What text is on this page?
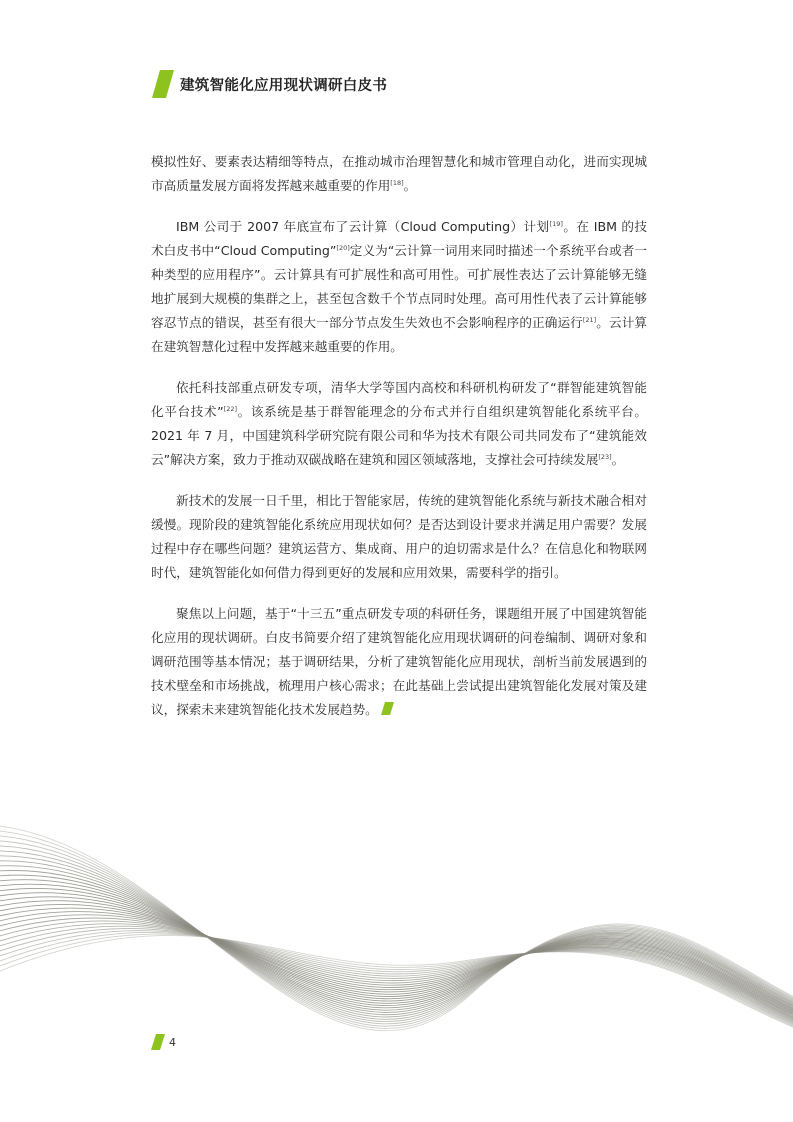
建筑智能化应用现状调研白皮书

模拟性好、要素表达精细等特点，在推动城市治理智慧化和城市管理自动化，进而实现城市高质量发展方面将发挥越来越重要的作用[18]。

IBM 公司于 2007 年底宣布了云计算（Cloud Computing）计划[19]。在 IBM 的技术白皮书中“Cloud Computing”[20]定义为“云计算一词用来同时描述一个系统平台或者一种类型的应用程序”。云计算具有可扩展性和高可用性。可扩展性表达了云计算能够无缝地扩展到大规模的集群之上，甚至包含数千个节点同时处理。高可用性代表了云计算能够容忍节点的错误，甚至有很大一部分节点发生失效也不会影响程序的正确运行[21]。云计算在建筑智慧化过程中发挥越来越重要的作用。

依托科技部重点研发专项，清华大学等国内高校和科研机构研发了“群智能建筑智能化平台技术”[22]。该系统是基于群智能理念的分布式并行自组织建筑智能化系统平台。2021 年 7 月，中国建筑科学研究院有限公司和华为技术有限公司共同发布了“建筑能效云”解决方案，致力于推动双碳战略在建筑和园区领域落地，支撑社会可持续发展[23]。

新技术的发展一日千里，相比于智能家居，传统的建筑智能化系统与新技术融合相对缓慢。现阶段的建筑智能化系统应用现状如何？是否达到设计要求并满足用户需要？发展过程中存在哪些问题？建筑运营方、集成商、用户的迫切需求是什么？在信息化和物联网时代，建筑智能化如何借力得到更好的发展和应用效果，需要科学的指引。

聚焦以上问题，基于“十三五”重点研发专项的科研任务，课题组开展了中国建筑智能化应用的现状调研。白皮书简要介绍了建筑智能化应用现状调研的问卷编制、调研对象和调研范围等基本情况；基于调研结果，分析了建筑智能化应用现状，剖析当前发展遇到的技术壁垒和市场挑战，梳理用户核心需求；在此基础上尝试提出建筑智能化发展对策及建议，探索未来建筑智能化技术发展趋势。

4
